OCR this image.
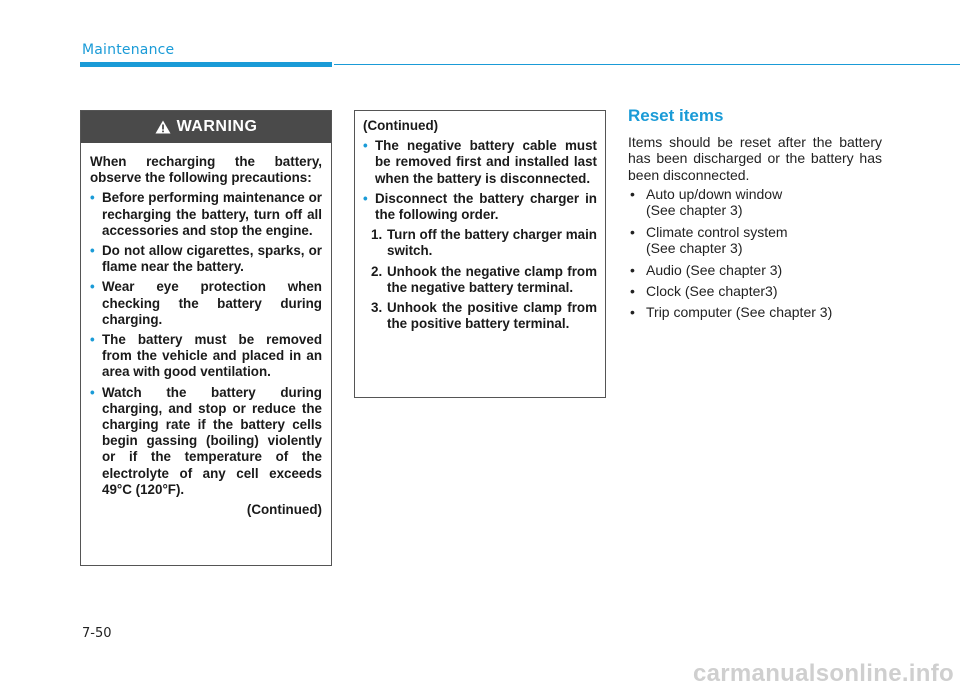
Maintenance
WARNING

When recharging the battery, observe the following precautions:

• Before performing maintenance or recharging the battery, turn off all accessories and stop the engine.
• Do not allow cigarettes, sparks, or flame near the battery.
• Wear eye protection when checking the battery during charging.
• The battery must be removed from the vehicle and placed in an area with good ventilation.
• Watch the battery during charging, and stop or reduce the charging rate if the battery cells begin gassing (boiling) violently or if the temperature of the electrolyte of any cell exceeds 49°C (120°F).

(Continued)

(Continued)

• The negative battery cable must be removed first and installed last when the battery is disconnected.
• Disconnect the battery charger in the following order.
1. Turn off the battery charger main switch.
2. Unhook the negative clamp from the negative battery terminal.
3. Unhook the positive clamp from the positive battery terminal.
Reset items

Items should be reset after the battery has been discharged or the battery has been disconnected.

• Auto up/down window
(See chapter 3)
• Climate control system
(See chapter 3)
• Audio (See chapter 3)
• Clock (See chapter3)
• Trip computer (See chapter 3)

7-50

carmanualsonline.info
